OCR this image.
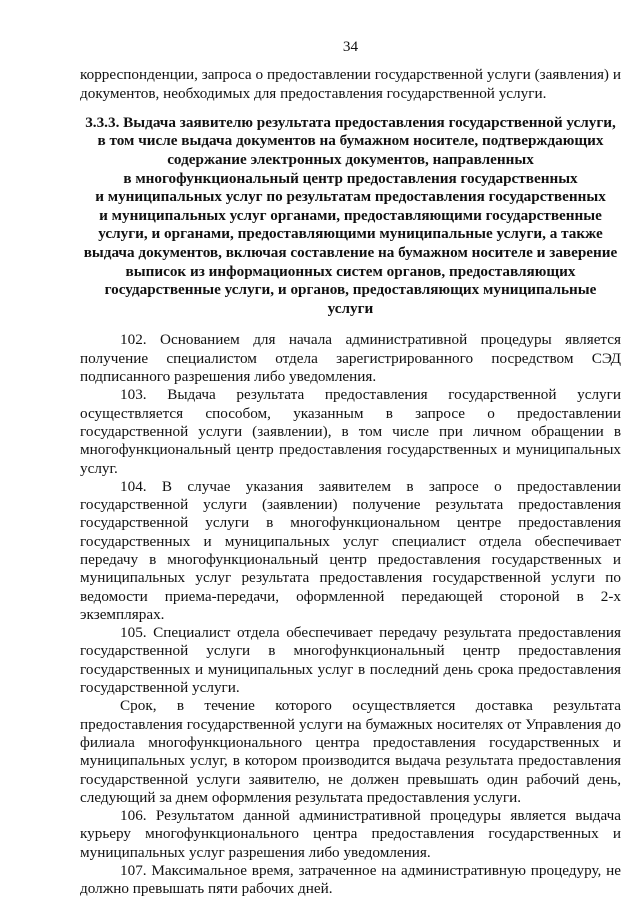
34

корреспонденции, запроса о предоставлении государственной услуги (заявления) и документов, необходимых для предоставления государственной услуги.

3.3.3. Выдача заявителю результата предоставления государственной услуги,
в том числе выдача документов на бумажном носителе, подтверждающих
содержание электронных документов, направленных
в многофункциональный центр предоставления государственных
и муниципальных услуг по результатам предоставления государственных
и муниципальных услуг органами, предоставляющими государственные
услуги, и органами, предоставляющими муниципальные услуги, а также
выдача документов, включая составление на бумажном носителе и заверение
выписок из информационных систем органов, предоставляющих
государственные услуги, и органов, предоставляющих муниципальные
услуги

102. Основанием для начала административной процедуры является получение специалистом отдела зарегистрированного посредством СЭД подписанного разрешения либо уведомления.

103. Выдача результата предоставления государственной услуги осуществляется способом, указанным в запросе о предоставлении государственной услуги (заявлении), в том числе при личном обращении в многофункциональный центр предоставления государственных и муниципальных услуг.

104. В случае указания заявителем в запросе о предоставлении государственной услуги (заявлении) получение результата предоставления государственной услуги в многофункциональном центре предоставления государственных и муниципальных услуг специалист отдела обеспечивает передачу в многофункциональный центр предоставления государственных и муниципальных услуг результата предоставления государственной услуги по ведомости приема-передачи, оформленной передающей стороной в 2-х экземплярах.

105. Специалист отдела обеспечивает передачу результата предоставления государственной услуги в многофункциональный центр предоставления государственных и муниципальных услуг в последний день срока предоставления государственной услуги.

Срок, в течение которого осуществляется доставка результата предоставления государственной услуги на бумажных носителях от Управления до филиала многофункционального центра предоставления государственных и муниципальных услуг, в котором производится выдача результата предоставления государственной услуги заявителю, не должен превышать один рабочий день, следующий за днем оформления результата предоставления услуги.

106. Результатом данной административной процедуры является выдача курьеру многофункционального центра предоставления государственных и муниципальных услуг разрешения либо уведомления.

107. Максимальное время, затраченное на административную процедуру, не должно превышать пяти рабочих дней.
